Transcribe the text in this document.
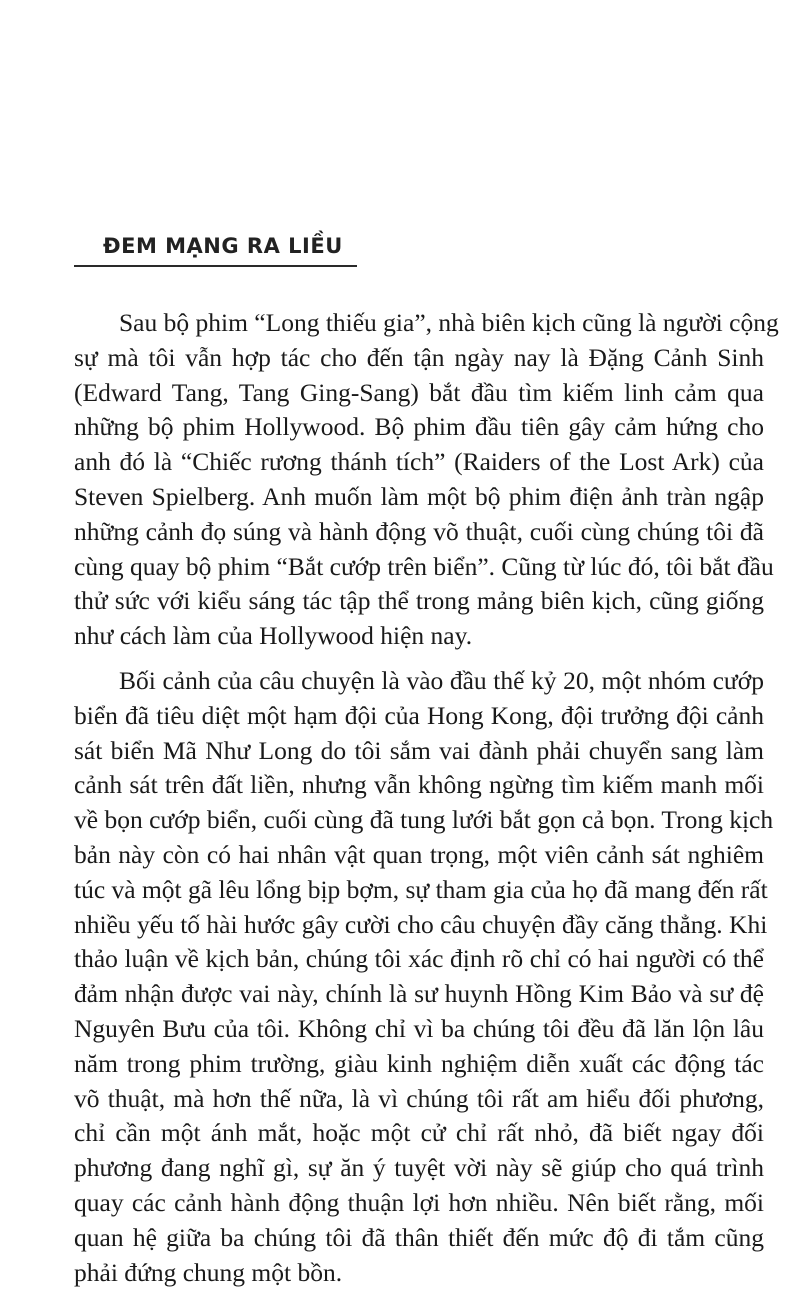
ĐEM MẠNG RA LIỀU
Sau bộ phim “Long thiếu gia”, nhà biên kịch cũng là người cộng
sự mà tôi vẫn hợp tác cho đến tận ngày nay là Đặng Cảnh Sinh
(Edward Tang, Tang Ging-Sang) bắt đầu tìm kiếm linh cảm qua
những bộ phim Hollywood. Bộ phim đầu tiên gây cảm hứng cho
anh đó là “Chiếc rương thánh tích” (Raiders of the Lost Ark) của
Steven Spielberg. Anh muốn làm một bộ phim điện ảnh tràn ngập
những cảnh đọ súng và hành động võ thuật, cuối cùng chúng tôi đã
cùng quay bộ phim “Bắt cướp trên biển”. Cũng từ lúc đó, tôi bắt đầu
thử sức với kiểu sáng tác tập thể trong mảng biên kịch, cũng giống
như cách làm của Hollywood hiện nay.
Bối cảnh của câu chuyện là vào đầu thế kỷ 20, một nhóm cướp
biển đã tiêu diệt một hạm đội của Hong Kong, đội trưởng đội cảnh
sát biển Mã Như Long do tôi sắm vai đành phải chuyển sang làm
cảnh sát trên đất liền, nhưng vẫn không ngừng tìm kiếm manh mối
về bọn cướp biển, cuối cùng đã tung lưới bắt gọn cả bọn. Trong kịch
bản này còn có hai nhân vật quan trọng, một viên cảnh sát nghiêm
túc và một gã lêu lổng bịp bợm, sự tham gia của họ đã mang đến rất
nhiều yếu tố hài hước gây cười cho câu chuyện đầy căng thẳng. Khi
thảo luận về kịch bản, chúng tôi xác định rõ chỉ có hai người có thể
đảm nhận được vai này, chính là sư huynh Hồng Kim Bảo và sư đệ
Nguyên Bưu của tôi. Không chỉ vì ba chúng tôi đều đã lăn lộn lâu
năm trong phim trường, giàu kinh nghiệm diễn xuất các động tác
võ thuật, mà hơn thế nữa, là vì chúng tôi rất am hiểu đối phương,
chỉ cần một ánh mắt, hoặc một cử chỉ rất nhỏ, đã biết ngay đối
phương đang nghĩ gì, sự ăn ý tuyệt vời này sẽ giúp cho quá trình
quay các cảnh hành động thuận lợi hơn nhiều. Nên biết rằng, mối
quan hệ giữa ba chúng tôi đã thân thiết đến mức độ đi tắm cũng
phải đứng chung một bồn.
